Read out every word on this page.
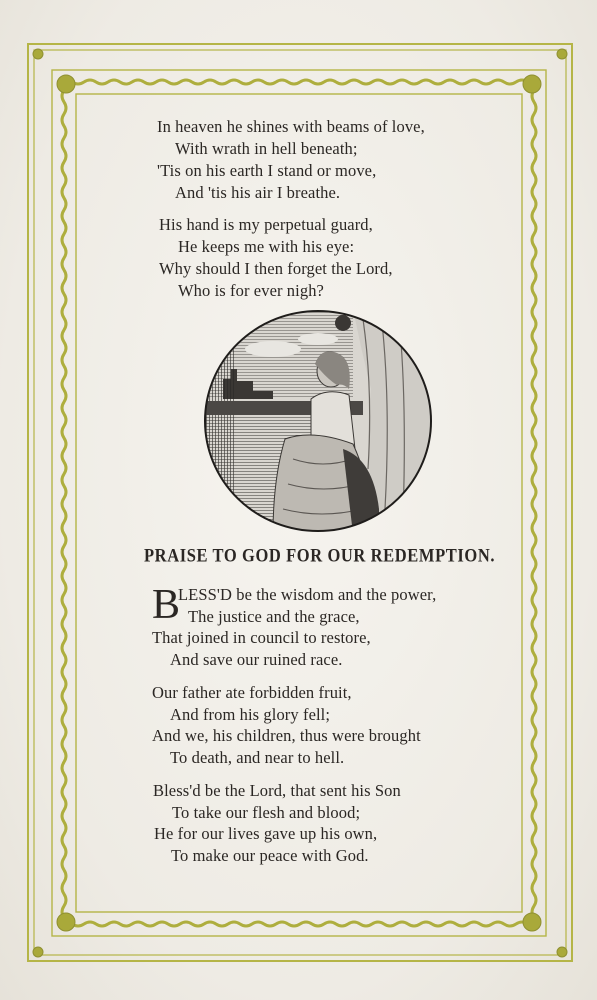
In heaven he shines with beams of love,
With wrath in hell beneath;
'Tis on his earth I stand or move,
And 'tis his air I breathe.
His hand is my perpetual guard,
He keeps me with his eye:
Why should I then forget the Lord,
Who is for ever nigh?
PRAISE TO GOD FOR OUR REDEMPTION.
B
LESS'D be the wisdom and the power,
The justice and the grace,
That joined in council to restore,
And save our ruined race.
Our father ate forbidden fruit,
And from his glory fell;
And we, his children, thus were brought
To death, and near to hell.
Bless'd be the Lord, that sent his Son
To take our flesh and blood;
He for our lives gave up his own,
To make our peace with God.
